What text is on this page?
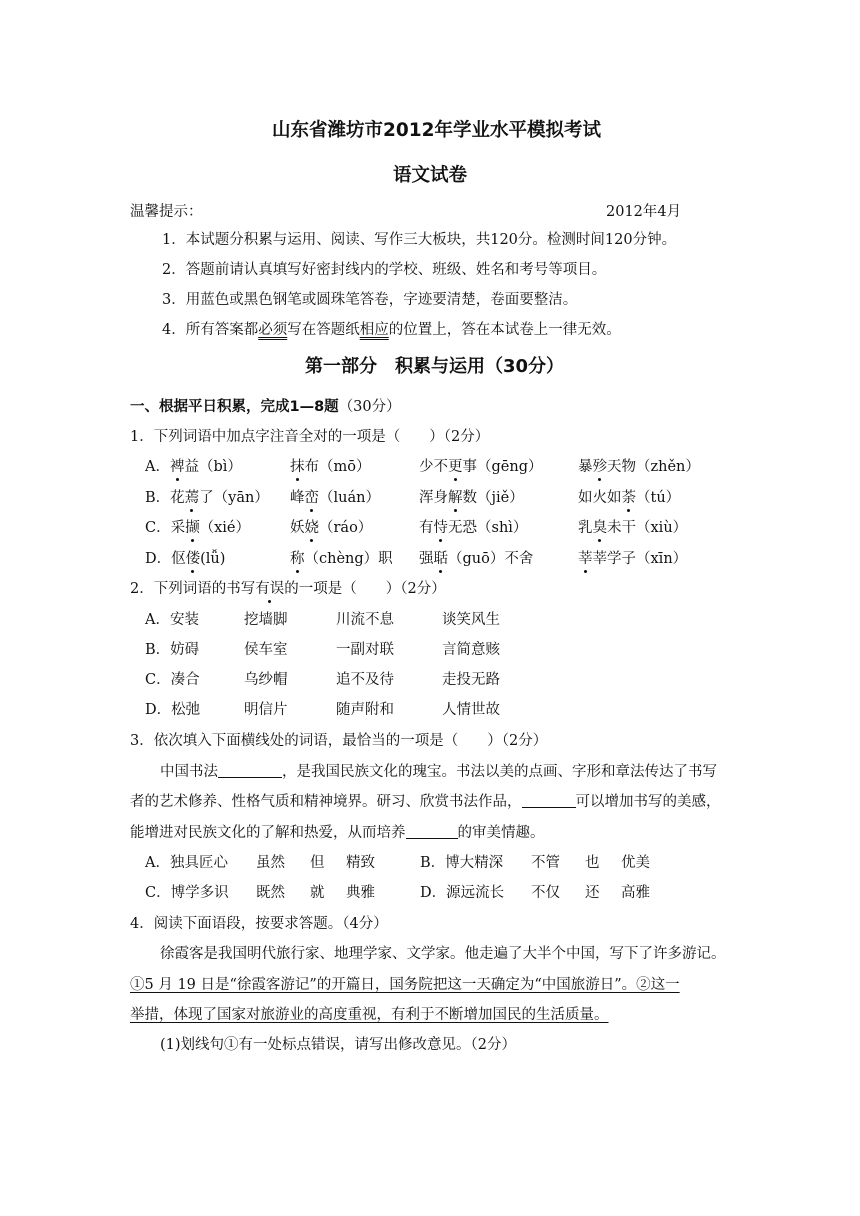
山东省潍坊市2012年学业水平模拟考试
语文试卷
温馨提示：	2012年4月
1．本试题分积累与运用、阅读、写作三大板块，共120分。检测时间120分钟。
2．答题前请认真填写好密封线内的学校、班级、姓名和考号等项目。
3．用蓝色或黑色钢笔或圆珠笔答卷，字迹要清楚，卷面要整洁。
4．所有答案都必须写在答题纸相应的位置上，答在本试卷上一律无效。
第一部分　积累与运用（30分）
一、根据平日积累，完成1—8题（30分）
1．下列词语中加点字注音全对的一项是（　　）（2分）
A．裨益（bì）	抹布（mō）	少不更事（gēng） 暴殄天物（zhěn）
B．花蔫了（yān） 峰峦（luán）	浑身解数（jiě）	如火如荼（tú）
C．采撷（xié）	妖娆（ráo）	有恃无恐（shì）	乳臭未干（xiù）
D．伛偻(lǚ)	称（chèng）职 强聒（guō）不舍	莘莘学子（xīn）
2．下列词语的书写有误的一项是（　　）（2分）
A．安装	挖墙脚	川流不息	谈笑风生
B．妨碍	侯车室	一副对联	言简意赅
C．凑合	乌纱帽	追不及待	走投无路
D．松弛	明信片	随声附和	人情世故
3．依次填入下面横线处的词语，最恰当的一项是（　　）（2分）
中国书法	，是我国民族文化的瑰宝。书法以美的点画、字形和章法传达了书写
者的艺术修养、性格气质和精神境界。研习、欣赏书法作品，	可以增加书写的美感，
能增进对民族文化的了解和热爱，从而培养	的审美情趣。
A．独具匠心 虽然 但 精致	B．博大精深 不管 也 优美
C．博学多识 既然 就 典雅	D．源远流长 不仅 还 高雅
4．阅读下面语段，按要求答题。（4分）
徐霞客是我国明代旅行家、地理学家、文学家。他走遍了大半个中国，写下了许多游记。
①5 月 19 日是“徐霞客游记”的开篇日，国务院把这一天确定为“中国旅游日”。②这一
举措，体现了国家对旅游业的高度重视，有利于不断增加国民的生活质量。
(1)划线句①有一处标点错误，请写出修改意见。（2分）
